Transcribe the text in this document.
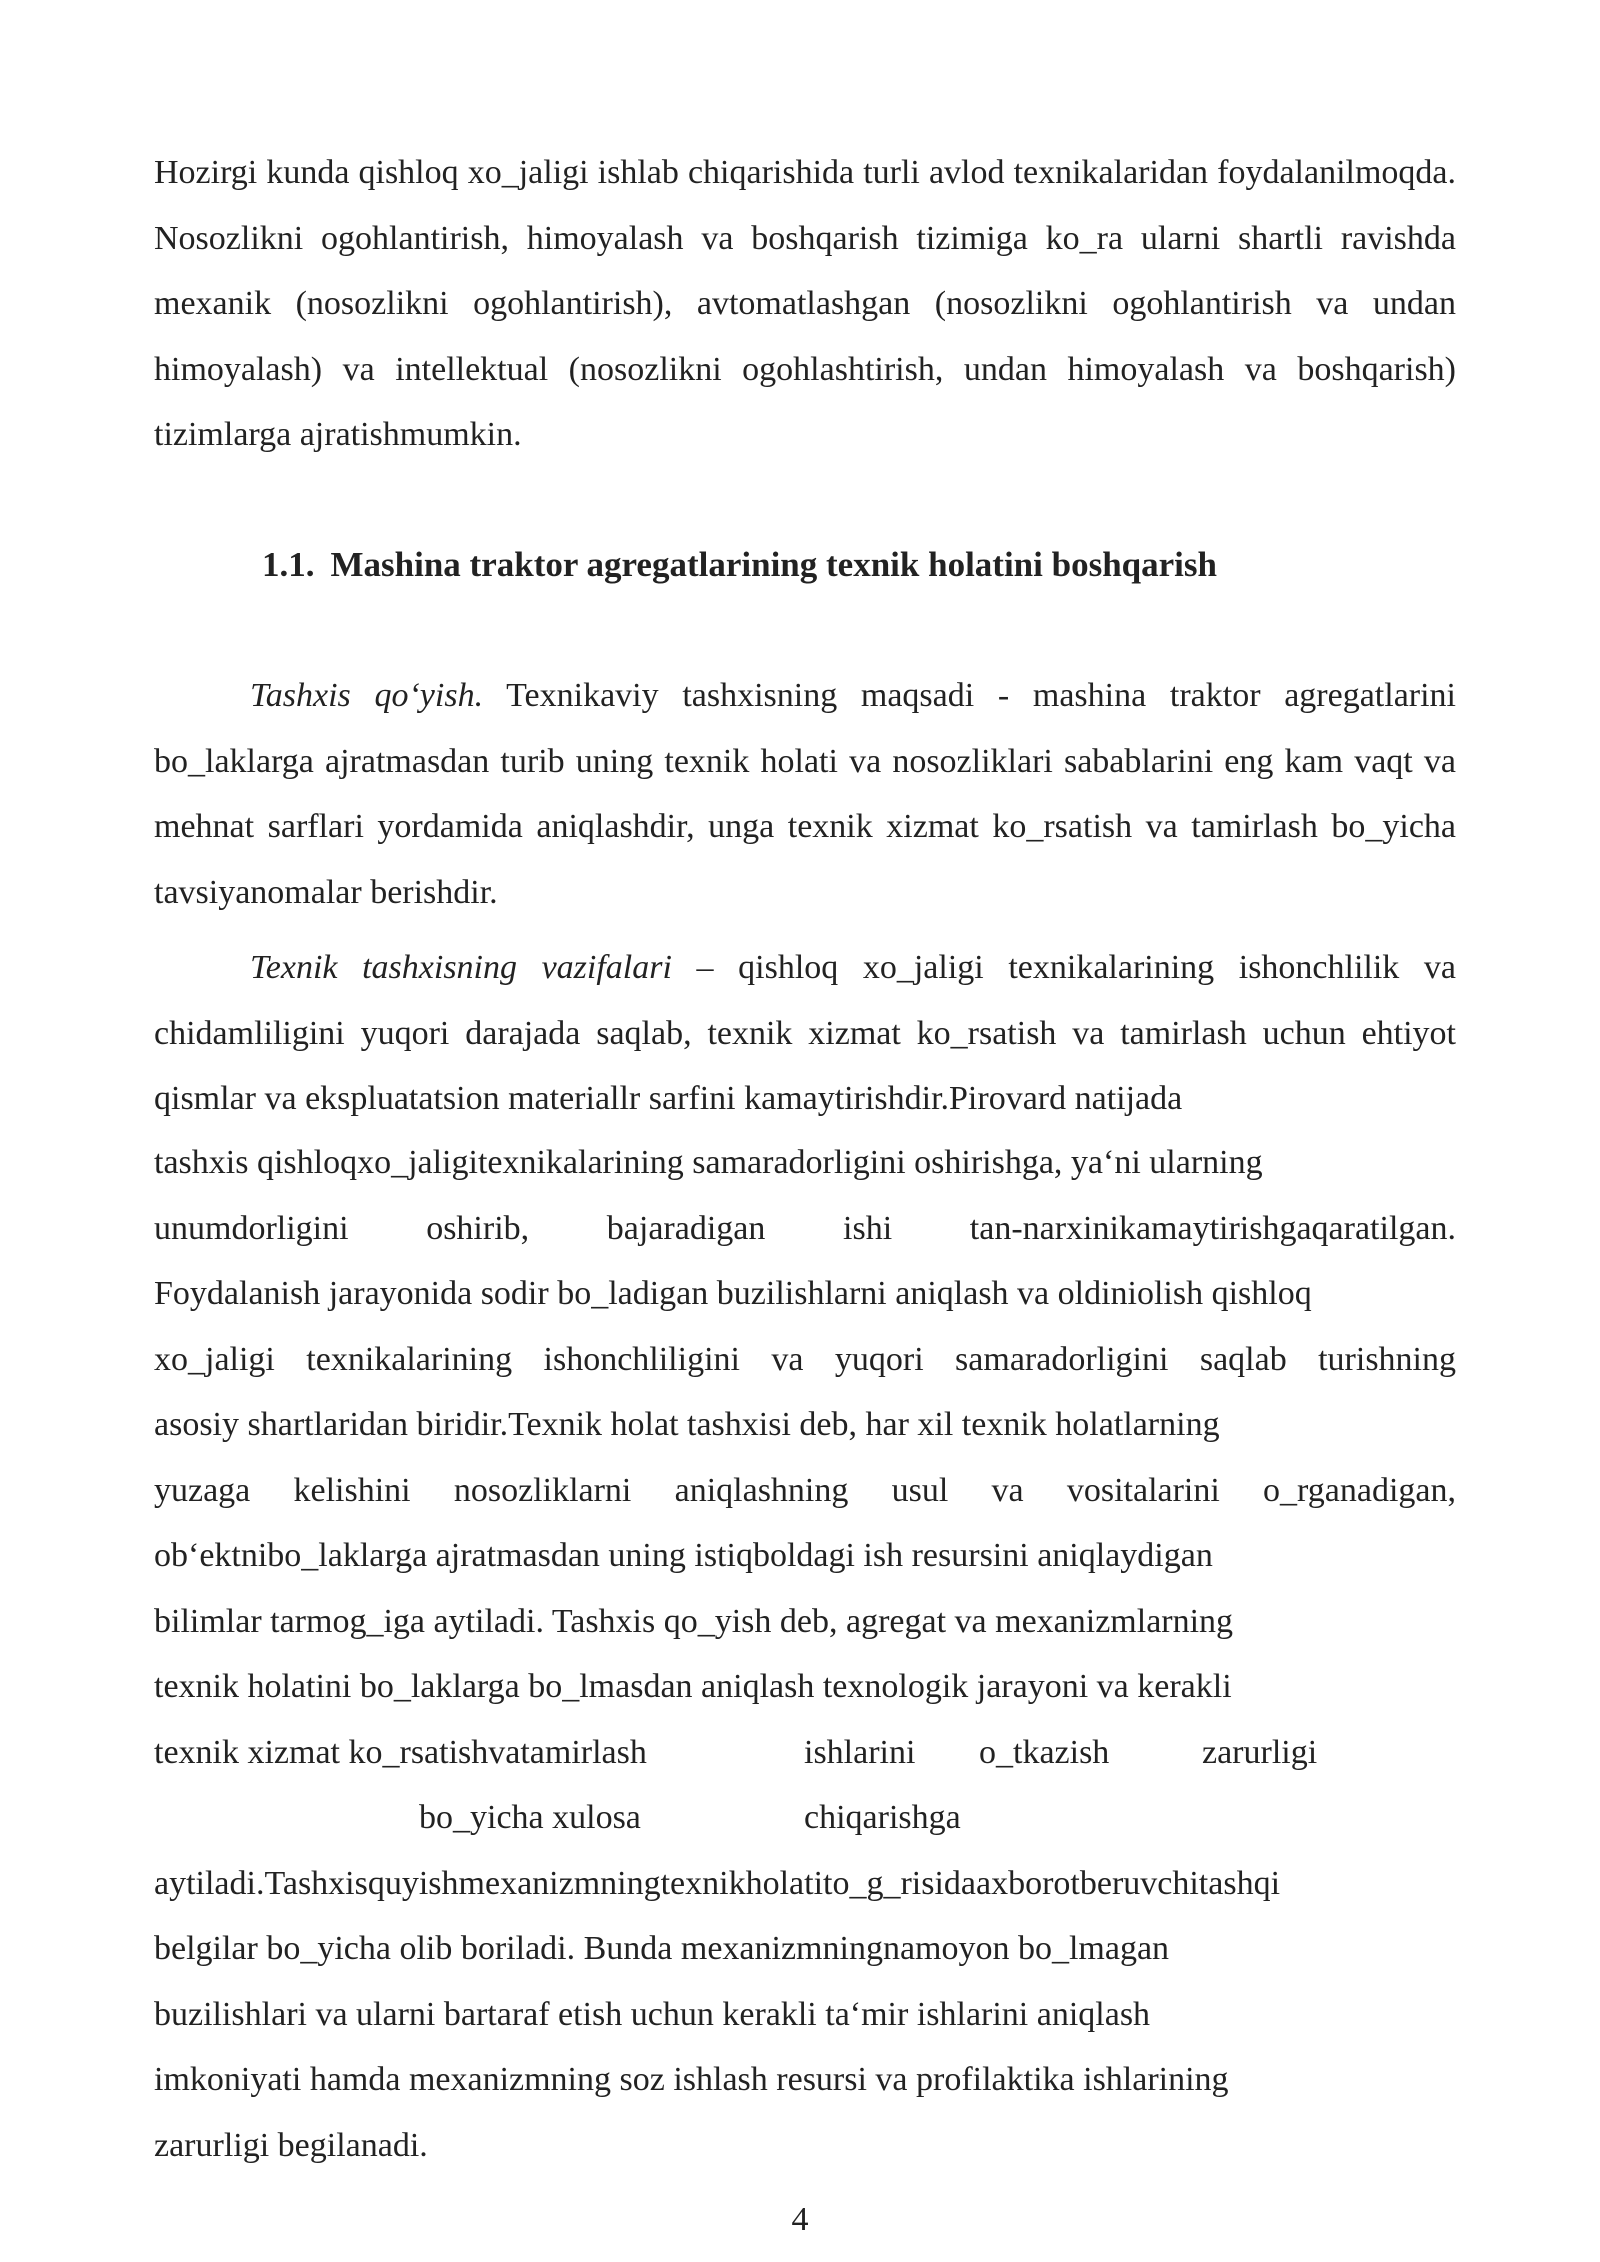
Hozirgi kunda qishloq xo_jaligi ishlab chiqarishida turli avlod texnikalaridan foydalanilmoqda. Nosozlikni ogohlantirish, himoyalash va boshqarish tizimiga ko_ra ularni shartli ravishda mexanik (nosozlikni ogohlantirish), avtomatlashgan (nosozlikni ogohlantirish va undan himoyalash) va intellektual (nosozlikni ogohlashtirish, undan himoyalash va boshqarish) tizimlarga ajratishmumkin.
1.1. Mashina traktor agregatlarining texnik holatini boshqarish
Tashxis qo‘yish. Texnikaviy tashxisning maqsadi - mashina traktor agregatlarini bo_laklarga ajratmasdan turib uning texnik holati va nosozliklari sabablarini eng kam vaqt va mehnat sarflari yordamida aniqlashdir, unga texnik xizmat ko_rsatish va tamirlash bo_yicha tavsiyanomalar berishdir.
Texnik tashxisning vazifalari – qishloq xo_jaligi texnikalarining ishonchlilik va chidamliligini yuqori darajada saqlab, texnik xizmat ko_rsatish va tamirlash uchun ehtiyot qismlar va ekspluatatsion materiallr sarfini kamaytirishdir.Pirovard natijada
tashxis qishloqxo_jaligitexnikalarining samaradorligini oshirishga, ya‘ni ularning
unumdorligini oshirib, bajaradigan ishi tan-narxinikamaytirishgaqaratilgan.
Foydalanish jarayonida sodir bo_ladigan buzilishlarni aniqlash va oldiniolish qishloq
xo_jaligi texnikalarining ishonchliligini va yuqori samaradorligini saqlab turishning
asosiy shartlaridan biridir.Texnik holat tashxisi deb, har xil texnik holatlarning
yuzaga kelishini nosozliklarni aniqlashning usul va vositalarini o_rganadigan,
ob‘ektnibo_laklarga ajratmasdan uning istiqboldagi ish resursini aniqlaydigan
bilimlar tarmog_iga aytiladi. Tashxis qo_yish deb, agregat va mexanizmlarning
texnik holatini bo_laklarga bo_lmasdan aniqlash texnologik jarayoni va kerakli
texnik xizmat ko_rsatishvatamirlash	ishlarini	o_tkazish	zarurligi
bo_yicha xulosa	chiqarishga
aytiladi.Tashxisquyishmexanizmningtexnikholatito_g_risidaaxborotberuvchitashqi
belgilar bo_yicha olib boriladi. Bunda mexanizmningnamoyon bo_lmagan
buzilishlari va ularni bartaraf etish uchun kerakli ta‘mir ishlarini aniqlash
imkoniyati hamda mexanizmning soz ishlash resursi va profilaktika ishlarining
zarurligi begilanadi.
4
